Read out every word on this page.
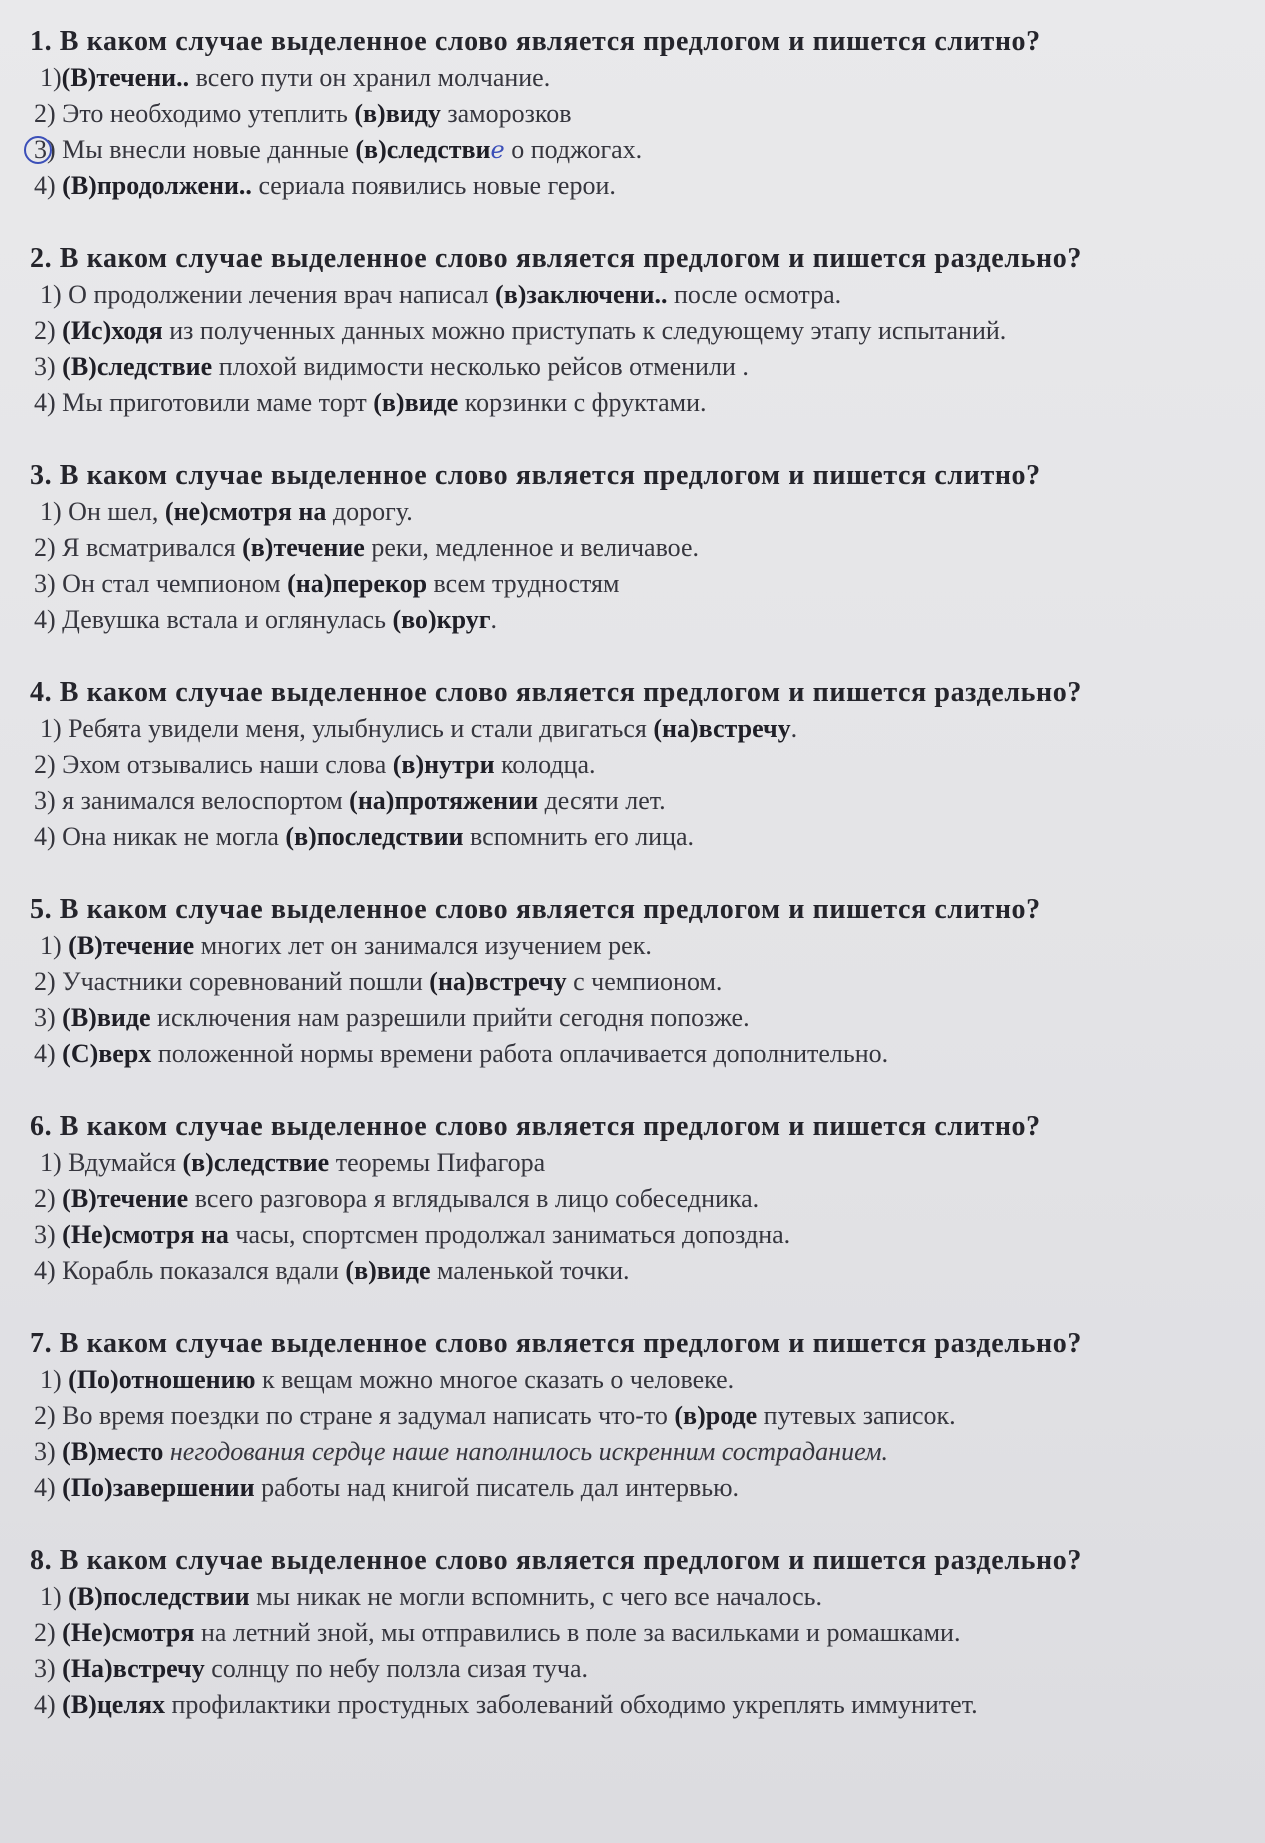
1. В каком случае выделенное слово является предлогом и пишется слитно?
1)(В)течени.. всего пути он хранил молчание.
2) Это необходимо утеплить (в)виду заморозков
3) Мы внесли новые данные (в)следствие о поджогах.
4) (В)продолжени.. сериала появились новые герои.
2. В каком случае выделенное слово является предлогом и пишется раздельно?
1) О продолжении лечения врач написал (в)заключени.. после осмотра.
2) (Ис)ходя из полученных данных можно приступать к следующему этапу испытаний.
3) (В)следствие плохой видимости несколько рейсов отменили .
4) Мы приготовили маме торт (в)виде корзинки с фруктами.
3. В каком случае выделенное слово является предлогом и пишется слитно?
1) Он шел, (не)смотря на дорогу.
2) Я всматривался (в)течение реки, медленное и величавое.
3) Он стал чемпионом (на)перекор всем трудностям
4) Девушка встала и оглянулась (во)круг.
4. В каком случае выделенное слово является предлогом и пишется раздельно?
1) Ребята увидели меня, улыбнулись и стали двигаться (на)встречу.
2) Эхом отзывались наши слова (в)нутри колодца.
3) я занимался велоспортом (на)протяжении десяти лет.
4) Она никак не могла (в)последствии вспомнить его лица.
5. В каком случае выделенное слово является предлогом и пишется слитно?
1) (В)течение многих лет он занимался изучением рек.
2) Участники соревнований пошли (на)встречу с чемпионом.
3) (В)виде исключения нам разрешили прийти сегодня попозже.
4) (С)верх положенной нормы времени работа оплачивается дополнительно.
6. В каком случае выделенное слово является предлогом и пишется слитно?
1) Вдумайся (в)следствие теоремы Пифагора
2) (В)течение всего разговора я вглядывался в лицо собеседника.
3) (Не)смотря на часы, спортсмен продолжал заниматься допоздна.
4) Корабль показался вдали (в)виде маленькой точки.
7. В каком случае выделенное слово является предлогом и пишется раздельно?
1) (По)отношению к вещам можно многое сказать о человеке.
2) Во время поездки по стране я задумал написать что-то (в)роде путевых записок.
3) (В)место негодования сердце наше наполнилось искренним состраданием.
4) (По)завершении работы над книгой писатель дал интервью.
8. В каком случае выделенное слово является предлогом и пишется раздельно?
1) (В)последствии мы никак не могли вспомнить, с чего все началось.
2) (Не)смотря на летний зной, мы отправились в поле за васильками и ромашками.
3) (На)встречу солнцу по небу ползла сизая туча.
4) (В)целях профилактики простудных заболеваний обходимо укреплять иммунитет.
